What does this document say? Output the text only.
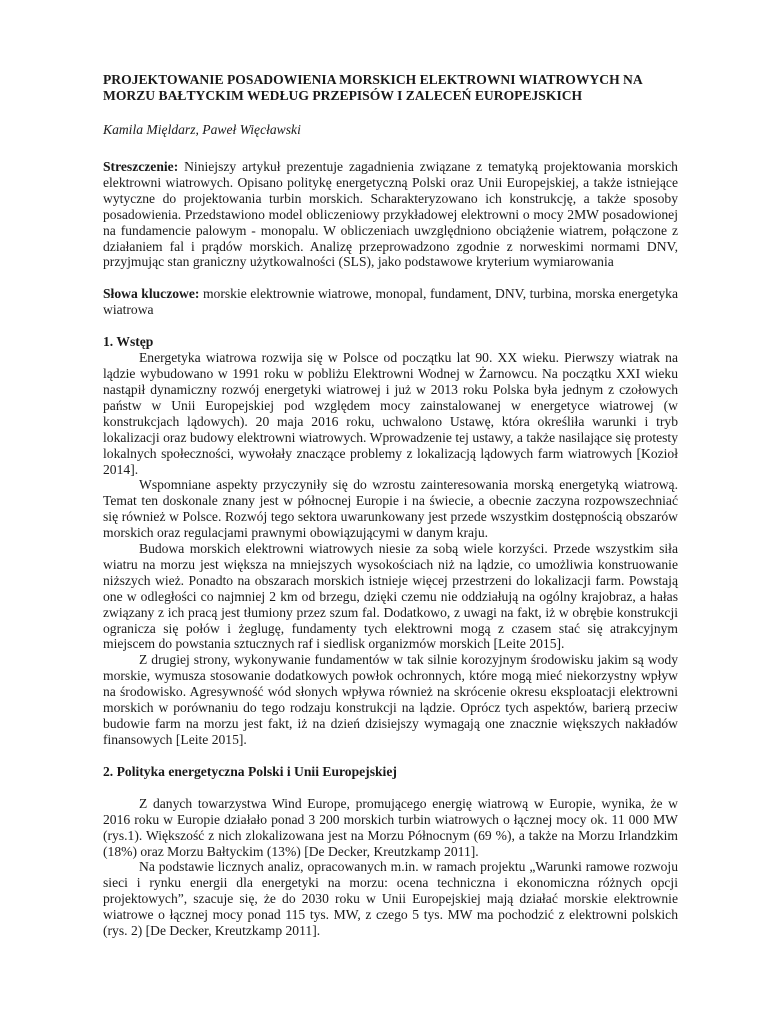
PROJEKTOWANIE POSADOWIENIA MORSKICH ELEKTROWNI WIATROWYCH NA MORZU BAŁTYCKIM WEDŁUG PRZEPISÓW I ZALECEŃ EUROPEJSKICH
Kamila Mięldarz, Paweł Więcławski

Streszczenie: Niniejszy artykuł prezentuje zagadnienia związane z tematyką projektowania morskich elektrowni wiatrowych. Opisano politykę energetyczną Polski oraz Unii Europejskiej, a także istniejące wytyczne do projektowania turbin morskich. Scharakteryzowano ich konstrukcję, a także sposoby posadowienia. Przedstawiono model obliczeniowy przykładowej elektrowni o mocy 2MW posadowionej na fundamencie palowym - monopalu. W obliczeniach uwzględniono obciążenie wiatrem, połączone z działaniem fal i prądów morskich. Analizę przeprowadzono zgodnie z norweskimi normami DNV, przyjmując stan graniczny użytkowalności (SLS), jako podstawowe kryterium wymiarowania

Słowa kluczowe: morskie elektrownie wiatrowe, monopal, fundament, DNV, turbina, morska energetyka wiatrowa

1. Wstęp

Energetyka wiatrowa rozwija się w Polsce od początku lat 90. XX wieku. Pierwszy wiatrak na lądzie wybudowano w 1991 roku w pobliżu Elektrowni Wodnej w Żarnowcu. Na początku XXI wieku nastąpił dynamiczny rozwój energetyki wiatrowej i już w 2013 roku Polska była jednym z czołowych państw w Unii Europejskiej pod względem mocy zainstalowanej w energetyce wiatrowej (w konstrukcjach lądowych). 20 maja 2016 roku, uchwalono Ustawę, która określiła warunki i tryb lokalizacji oraz budowy elektrowni wiatrowych. Wprowadzenie tej ustawy, a także nasilające się protesty lokalnych społeczności, wywołały znaczące problemy z lokalizacją lądowych farm wiatrowych [Kozioł 2014].

Wspomniane aspekty przyczyniły się do wzrostu zainteresowania morską energetyką wiatrową. Temat ten doskonale znany jest w północnej Europie i na świecie, a obecnie zaczyna rozpowszechniać się również w Polsce. Rozwój tego sektora uwarunkowany jest przede wszystkim dostępnością obszarów morskich oraz regulacjami prawnymi obowiązującymi w danym kraju.

Budowa morskich elektrowni wiatrowych niesie za sobą wiele korzyści. Przede wszystkim siła wiatru na morzu jest większa na mniejszych wysokościach niż na lądzie, co umożliwia konstruowanie niższych wież. Ponadto na obszarach morskich istnieje więcej przestrzeni do lokalizacji farm. Powstają one w odległości co najmniej 2 km od brzegu, dzięki czemu nie oddziałują na ogólny krajobraz, a hałas związany z ich pracą jest tłumiony przez szum fal. Dodatkowo, z uwagi na fakt, iż w obrębie konstrukcji ogranicza się połów i żeglugę, fundamenty tych elektrowni mogą z czasem stać się atrakcyjnym miejscem do powstania sztucznych raf i siedlisk organizmów morskich [Leite 2015].

Z drugiej strony, wykonywanie fundamentów w tak silnie korozyjnym środowisku jakim są wody morskie, wymusza stosowanie dodatkowych powłok ochronnych, które mogą mieć niekorzystny wpływ na środowisko. Agresywność wód słonych wpływa również na skrócenie okresu eksploatacji elektrowni morskich w porównaniu do tego rodzaju konstrukcji na lądzie. Oprócz tych aspektów, barierą przeciw budowie farm na morzu jest fakt, iż na dzień dzisiejszy wymagają one znacznie większych nakładów finansowych [Leite 2015].

2. Polityka energetyczna Polski i Unii Europejskiej

Z danych towarzystwa Wind Europe, promującego energię wiatrową w Europie, wynika, że w 2016 roku w Europie działało ponad 3 200 morskich turbin wiatrowych o łącznej mocy ok. 11 000 MW (rys.1). Większość z nich zlokalizowana jest na Morzu Północnym (69 %), a także na Morzu Irlandzkim (18%) oraz Morzu Bałtyckim (13%) [De Decker, Kreutzkamp 2011].

Na podstawie licznych analiz, opracowanych m.in. w ramach projektu „Warunki ramowe rozwoju sieci i rynku energii dla energetyki na morzu: ocena techniczna i ekonomiczna różnych opcji projektowych”, szacuje się, że do 2030 roku w Unii Europejskiej mają działać morskie elektrownie wiatrowe o łącznej mocy ponad 115 tys. MW, z czego 5 tys. MW ma pochodzić z elektrowni polskich (rys. 2) [De Decker, Kreutzkamp 2011].
